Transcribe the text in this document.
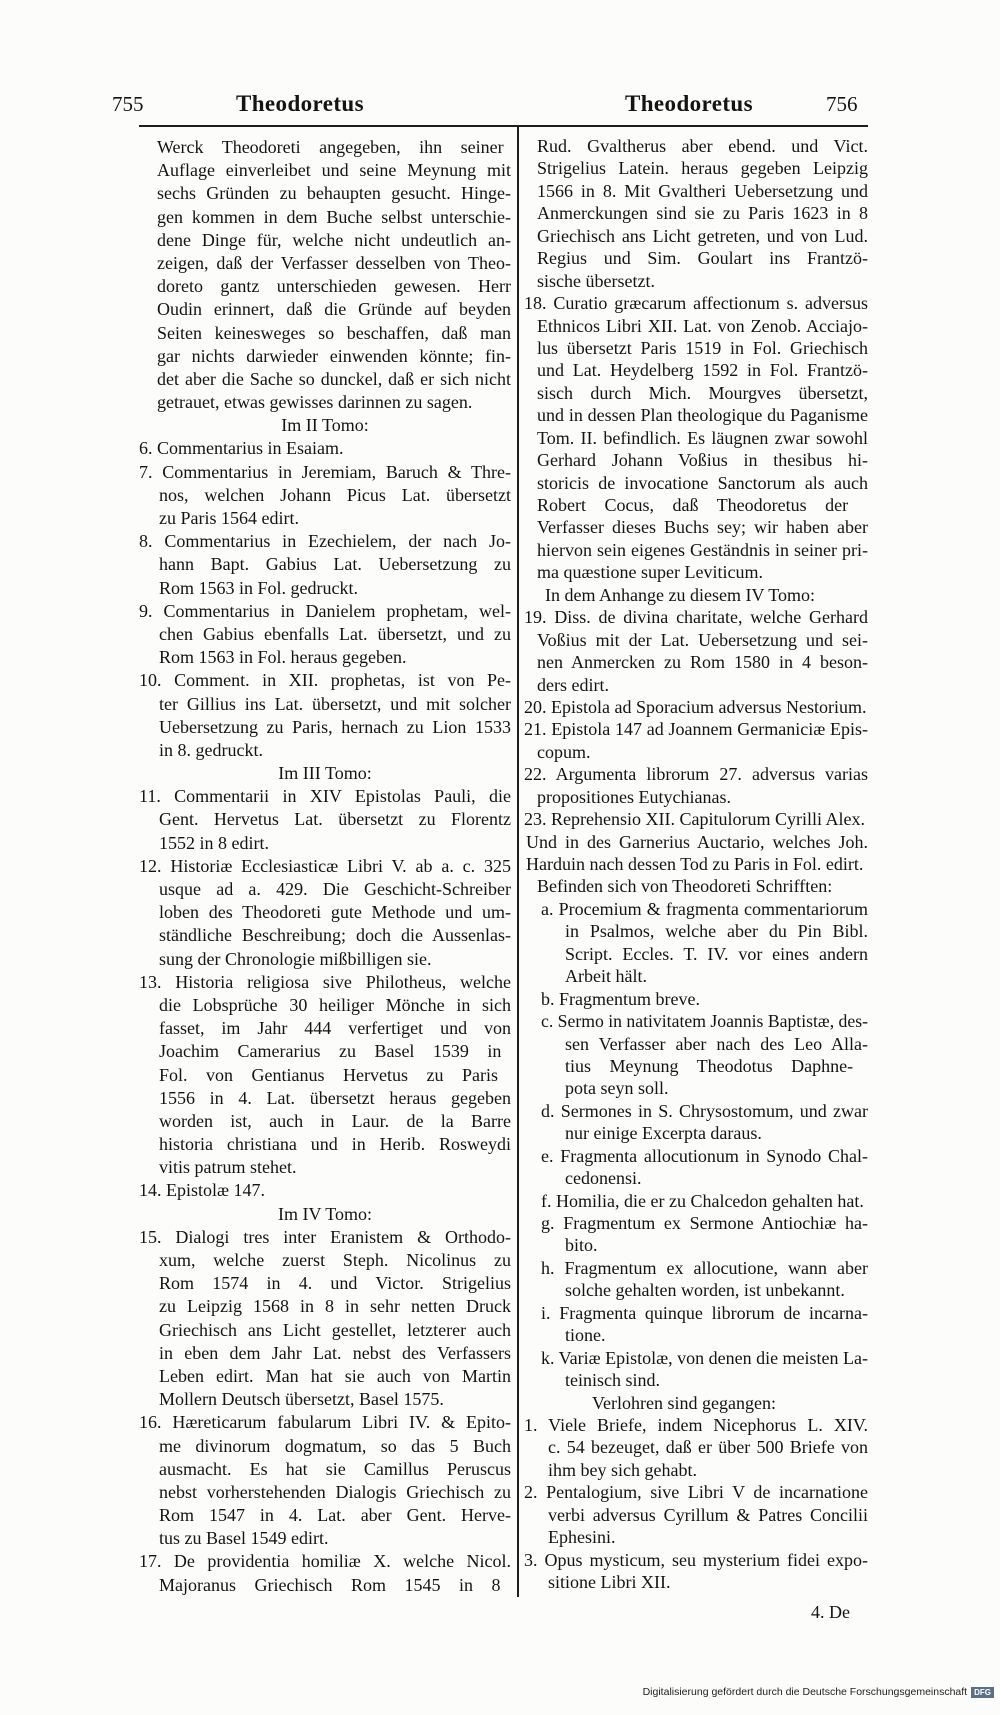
755	Theodoretus	Theodoretus	756
Werck Theodoreti angegeben, ihn seiner
Auflage einverleibet und seine Meynung mit
sechs Gründen zu behaupten gesucht. Hinge-
gen kommen in dem Buche selbst unterschie-
dene Dinge für, welche nicht undeutlich an-
zeigen, daß der Verfasser desselben von Theo-
doreto gantz unterschieden gewesen. Herr
Oudin erinnert, daß die Gründe auf beyden
Seiten keinesweges so beschaffen, daß man
gar nichts darwieder einwenden könnte; fin-
det aber die Sache so dunckel, daß er sich nicht
getrauet, etwas gewisses darinnen zu sagen.
Im II Tomo:
6. Commentarius in Esaiam.
7. Commentarius in Jeremiam, Baruch & Thre-
nos, welchen Johann Picus Lat. übersetzt
zu Paris 1564 edirt.
8. Commentarius in Ezechielem, der nach Jo-
hann Bapt. Gabius Lat. Uebersetzung zu
Rom 1563 in Fol. gedruckt.
9. Commentarius in Danielem prophetam, wel-
chen Gabius ebenfalls Lat. übersetzt, und zu
Rom 1563 in Fol. heraus gegeben.
10. Comment. in XII. prophetas, ist von Pe-
ter Gillius ins Lat. übersetzt, und mit solcher
Uebersetzung zu Paris, hernach zu Lion 1533
in 8. gedruckt.
Im III Tomo:
11. Commentarii in XIV Epistolas Pauli, die
Gent. Hervetus Lat. übersetzt zu Florentz
1552 in 8 edirt.
12. Historiæ Ecclesiasticæ Libri V. ab a. c. 325
usque ad a. 429. Die Geschicht-Schreiber
loben des Theodoreti gute Methode und um-
ständliche Beschreibung; doch die Aussenlas-
sung der Chronologie mißbilligen sie.
13. Historia religiosa sive Philotheus, welche
die Lobsprüche 30 heiliger Mönche in sich
fasset, im Jahr 444 verfertiget und von
Joachim Camerarius zu Basel 1539 in
Fol. von Gentianus Hervetus zu Paris
1556 in 4. Lat. übersetzt heraus gegeben
worden ist, auch in Laur. de la Barre
historia christiana und in Herib. Rosweydi
vitis patrum stehet.
14. Epistolæ 147.
Im IV Tomo:
15. Dialogi tres inter Eranistem & Orthodo-
xum, welche zuerst Steph. Nicolinus zu
Rom 1574 in 4. und Victor. Strigelius
zu Leipzig 1568 in 8 in sehr netten Druck
Griechisch ans Licht gestellet, letzterer auch
in eben dem Jahr Lat. nebst des Verfassers
Leben edirt. Man hat sie auch von Martin
Mollern Deutsch übersetzt, Basel 1575.
16. Hæreticarum fabularum Libri IV. & Epito-
me divinorum dogmatum, so das 5 Buch
ausmacht. Es hat sie Camillus Peruscus
nebst vorherstehenden Dialogis Griechisch zu
Rom 1547 in 4. Lat. aber Gent. Herve-
tus zu Basel 1549 edirt.
17. De providentia homiliæ X. welche Nicol.
Majoranus Griechisch Rom 1545 in 8
Rud. Gvaltherus aber ebend. und Vict.
Strigelius Latein. heraus gegeben Leipzig
1566 in 8. Mit Gvaltheri Uebersetzung und
Anmerckungen sind sie zu Paris 1623 in 8
Griechisch ans Licht getreten, und von Lud.
Regius und Sim. Goulart ins Frantzö-
sische übersetzt.
18. Curatio græcarum affectionum s. adversus
Ethnicos Libri XII. Lat. von Zenob. Acciajo-
lus übersetzt Paris 1519 in Fol. Griechisch
und Lat. Heydelberg 1592 in Fol. Frantzö-
sisch durch Mich. Mourgves übersetzt,
und in dessen Plan theologique du Paganisme
Tom. II. befindlich. Es läugnen zwar sowohl
Gerhard Johann Voßius in thesibus hi-
storicis de invocatione Sanctorum als auch
Robert Cocus, daß Theodoretus der
Verfasser dieses Buchs sey; wir haben aber
hiervon sein eigenes Geständnis in seiner pri-
ma quæstione super Leviticum.
In dem Anhange zu diesem IV Tomo:
19. Diss. de divina charitate, welche Gerhard
Voßius mit der Lat. Uebersetzung und sei-
nen Anmercken zu Rom 1580 in 4 beson-
ders edirt.
20. Epistola ad Sporacium adversus Nestorium.
21. Epistola 147 ad Joannem Germaniciæ Epis-
copum.
22. Argumenta librorum 27. adversus varias
propositiones Eutychianas.
23. Reprehensio XII. Capitulorum Cyrilli Alex.
Und in des Garnerius Auctario, welches Joh.
Harduin nach dessen Tod zu Paris in Fol. edirt.
Befinden sich von Theodoreti Schrifften:
a. Procemium & fragmenta commentariorum
in Psalmos, welche aber du Pin Bibl.
Script. Eccles. T. IV. vor eines andern
Arbeit hält.
b. Fragmentum breve.
c. Sermo in nativitatem Joannis Baptistæ, des-
sen Verfasser aber nach des Leo Alla-
tius Meynung Theodotus Daphne-
pota seyn soll.
d. Sermones in S. Chrysostomum, und zwar
nur einige Excerpta daraus.
e. Fragmenta allocutionum in Synodo Chal-
cedonensi.
f. Homilia, die er zu Chalcedon gehalten hat.
g. Fragmentum ex Sermone Antiochiæ ha-
bito.
h. Fragmentum ex allocutione, wann aber
solche gehalten worden, ist unbekannt.
i. Fragmenta quinque librorum de incarna-
tione.
k. Variæ Epistolæ, von denen die meisten La-
teinisch sind.
Verlohren sind gegangen:
1. Viele Briefe, indem Nicephorus L. XIV.
c. 54 bezeuget, daß er über 500 Briefe von
ihm bey sich gehabt.
2. Pentalogium, sive Libri V de incarnatione
verbi adversus Cyrillum & Patres Concilii
Ephesini.
3. Opus mysticum, seu mysterium fidei expo-
sitione Libri XII.
4. De
Digitalisierung gefördert durch die Deutsche Forschungsgemeinschaft DFG
